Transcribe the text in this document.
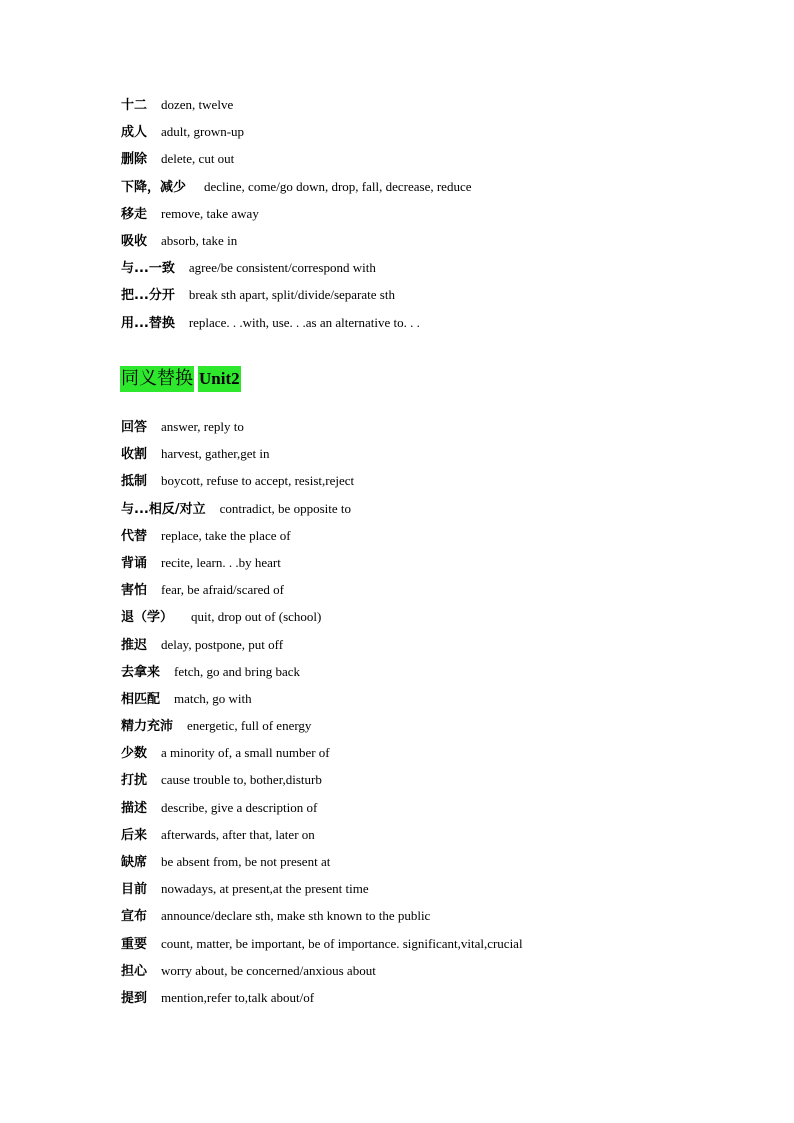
十二 dozen, twelve
成人 adult, grown-up
删除 delete, cut out
下降，减少 decline, come/go down, drop, fall, decrease, reduce
移走 remove, take away
吸收 absorb, take in
与...一致 agree/be consistent/correspond with
把...分开 break sth apart, split/divide/separate sth
用...替换 replace. . .with, use. . .as an alternative to. . .
同义替换 Unit2
回答 answer, reply to
收割 harvest, gather,get in
抵制 boycott, refuse to accept, resist,reject
与...相反/对立 contradict, be opposite to
代替 replace, take the place of
背诵 recite, learn. . .by heart
害怕 fear, be afraid/scared of
退（学） quit, drop out of (school)
推迟 delay, postpone, put off
去拿来 fetch, go and bring back
相匹配 match, go with
精力充沛 energetic, full of energy
少数 a minority of, a small number of
打扰 cause trouble to, bother,disturb
描述 describe, give a description of
后来 afterwards, after that, later on
缺席 be absent from, be not present at
目前 nowadays, at present,at the present time
宣布 announce/declare sth, make sth known to the public
重要 count, matter, be important, be of importance. significant,vital,crucial
担心 worry about, be concerned/anxious about
提到 mention,refer to,talk about/of
